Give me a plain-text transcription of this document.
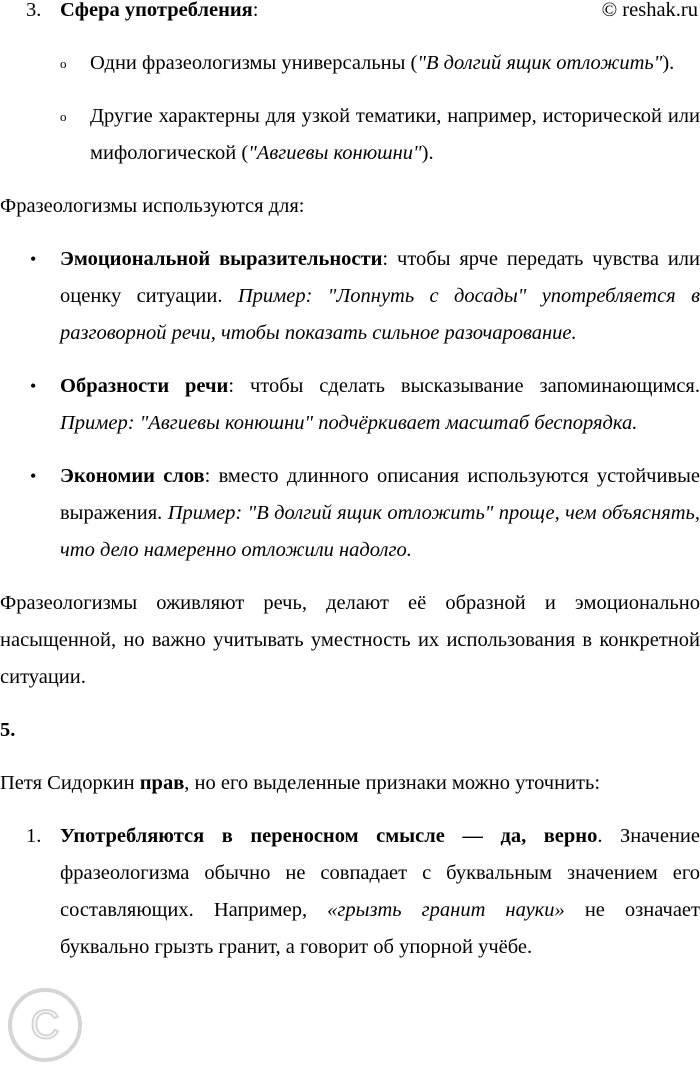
© reshak.ru

3. Сфера употребления:

o Одни фразеологизмы универсальны ("В долгий ящик отложить").

o Другие характерны для узкой тематики, например, исторической или мифологической ("Авгиевы конюшни").

Фразеологизмы используются для:

• Эмоциональной выразительности: чтобы ярче передать чувства или оценку ситуации. Пример: "Лопнуть с досады" употребляется в разговорной речи, чтобы показать сильное разочарование.

• Образности речи: чтобы сделать высказывание запоминающимся. Пример: "Авгиевы конюшни" подчёркивает масштаб беспорядка.

• Экономии слов: вместо длинного описания используются устойчивые выражения. Пример: "В долгий ящик отложить" проще, чем объяснять, что дело намеренно отложили надолго.

Фразеологизмы оживляют речь, делают её образной и эмоционально насыщенной, но важно учитывать уместность их использования в конкретной ситуации.

5.

Петя Сидоркин прав, но его выделенные признаки можно уточнить:

1. Употребляются в переносном смысле — да, верно. Значение фразеологизма обычно не совпадает с буквальным значением его составляющих. Например, «грызть гранит науки» не означает буквально грызть гранит, а говорит об упорной учёбе.

C
